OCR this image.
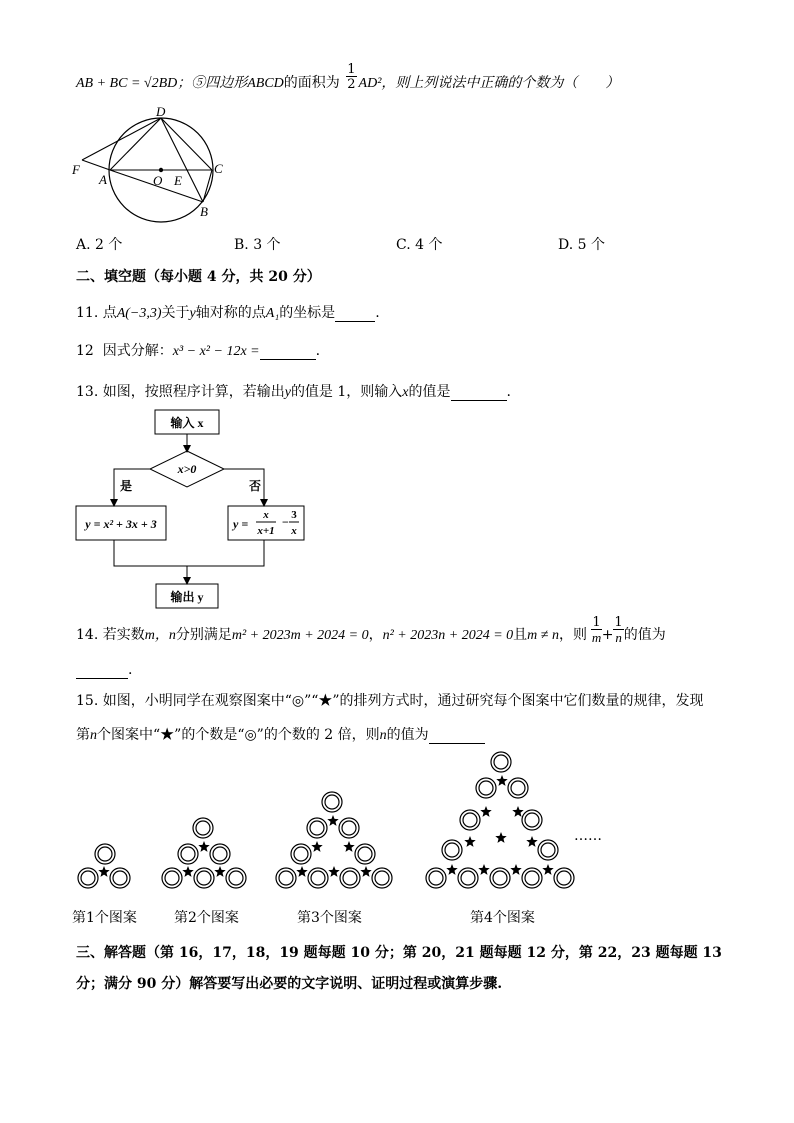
AB + BC = √2BD；⑤四边形ABCD的面积为 $\frac{1}{2} AD^2$，则上列说法中正确的个数为（　　）
D
C
F
A	O E
B
A. 2 个	B. 3 个	C. 4 个	D. 5 个
二、填空题（每小题 4 分，共 20 分）
11. 点A(−3,3)关于y轴对称的点A₁的坐标是	.
12 因式分解：x³ − x² − 12x =	.
13. 如图，按照程序计算，若输出y的值是 1，则输入x的值是	.
输入 x
x>0
是	否
y = x² + 3x + 3	y =
x
x+1
− 3
x
输出 y
14. 若实数m，n分别满足m² + 2023m + 2024 = 0，n² + 2023n + 2024 = 0且m ≠ n，则 $\frac{1}{m} + \frac{1}{n}$ 的值为
.
15. 如图，小明同学在观察图案中“◎”“★”的排列方式时，通过研究每个图案中它们数量的规律，发现
第n个图案中“★”的个数是“◎”的个数的 2 倍，则n的值为
……
第1个图案	第2个图案	第3个图案	第4个图案
三、解答题（第 16，17，18，19 题每题 10 分；第 20，21 题每题 12 分，第 22，23 题每题 13
分；满分 90 分）解答要写出必要的文字说明、证明过程或演算步骤.
